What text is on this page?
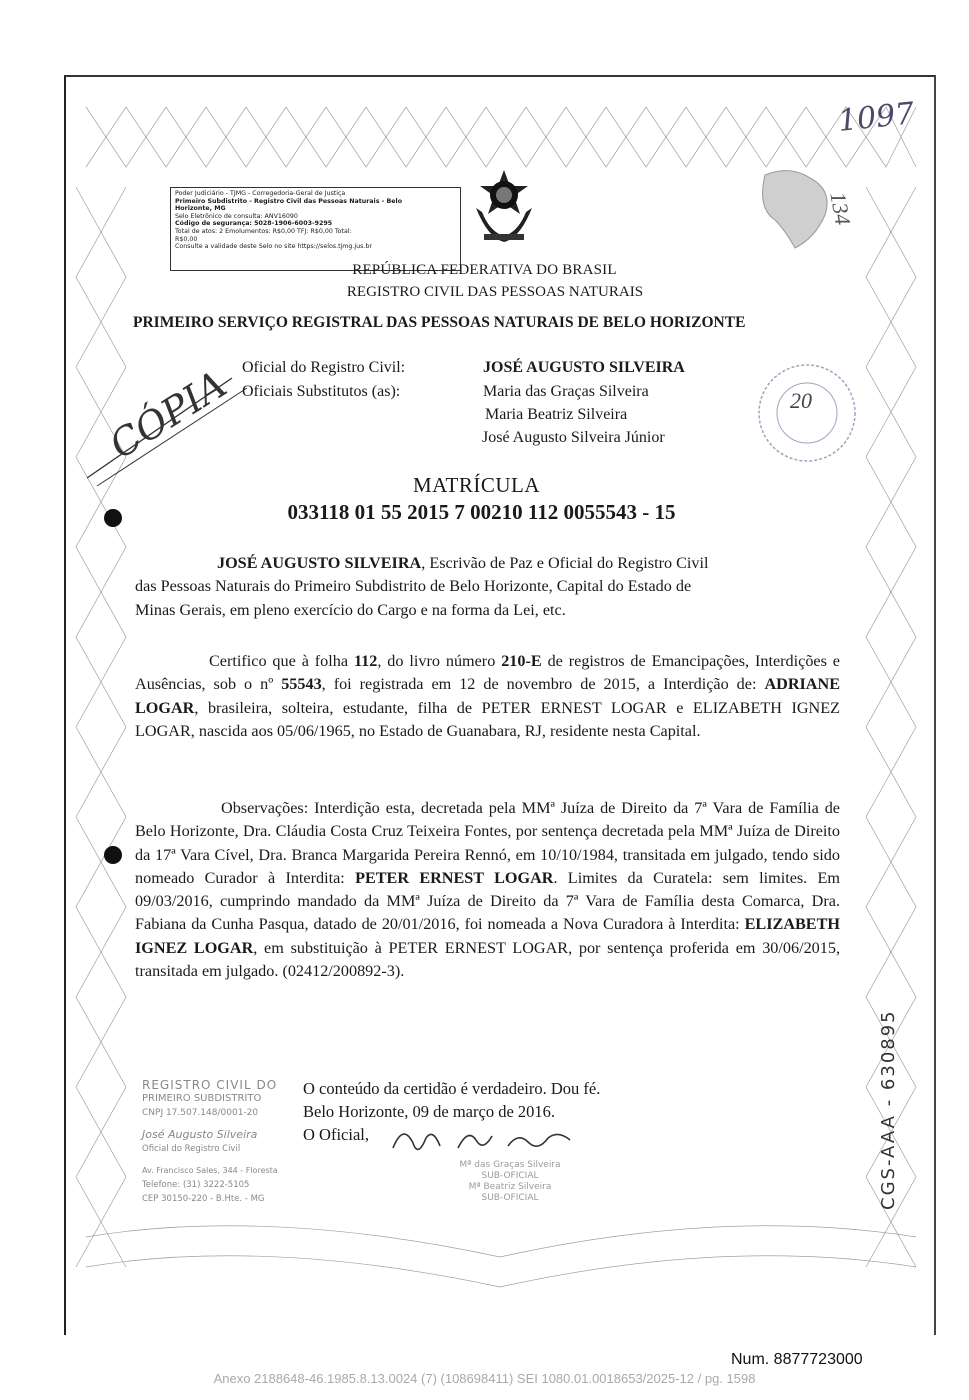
Poder Judiciário - TJMG - Corregedoria-Geral de Justiça
Primeiro Subdistrito - Registro Civil das Pessoas Naturais - Belo
Horizonte, MG
Selo Eletrônico de consulta: ANV16090
Código de segurança: 5028-1906-6003-9295
Total de atos: 2 Emolumentos: R$0,00 TFJ: R$0,00 Total:
R$0,00
Consulte a validade deste Selo no site https://selos.tjmg.jus.br
REPÚBLICA FEDERATIVA DO BRASIL
REGISTRO CIVIL DAS PESSOAS NATURAIS
PRIMEIRO SERVIÇO REGISTRAL DAS PESSOAS NATURAIS DE BELO HORIZONTE
Oficial do Registro Civil:	JOSÉ AUGUSTO SILVEIRA
Oficiais Substitutos (as):	Maria das Graças Silveira
Maria Beatriz Silveira
José Augusto Silveira Júnior
20
CÓPIA
1097
134
MATRÍCULA
033118 01 55 2015 7 00210 112 0055543 - 15

JOSÉ AUGUSTO SILVEIRA, Escrivão de Paz e Oficial do Registro Civil

das Pessoas Naturais do Primeiro Subdistrito de Belo Horizonte, Capital do Estado de

Minas Gerais, em pleno exercício do Cargo e na forma da Lei, etc.

Certifico que à folha 112, do livro número 210-E de registros de Emancipações, Interdições e Ausências, sob o nº 55543, foi registrada em 12 de novembro de 2015, a Interdição de: ADRIANE LOGAR, brasileira, solteira, estudante, filha de PETER ERNEST LOGAR e ELIZABETH IGNEZ LOGAR, nascida aos 05/06/1965, no Estado de Guanabara, RJ, residente nesta Capital.

Observações: Interdição esta, decretada pela MMª Juíza de Direito da 7ª Vara de Família de Belo Horizonte, Dra. Cláudia Costa Cruz Teixeira Fontes, por sentença decretada pela MMª Juíza de Direito da 17ª Vara Cível, Dra. Branca Margarida Pereira Rennó, em 10/10/1984, transitada em julgado, tendo sido nomeado Curador à Interdita: PETER ERNEST LOGAR. Limites da Curatela: sem limites. Em 09/03/2016, cumprindo mandado da MMª Juíza de Direito da 7ª Vara de Família desta Comarca, Dra. Fabiana da Cunha Pasqua, datado de 20/01/2016, foi nomeada a Nova Curadora à Interdita: ELIZABETH IGNEZ LOGAR, em substituição à PETER ERNEST LOGAR, por sentença proferida em 30/06/2015, transitada em julgado. (02412/200892-3).

REGISTRO CIVIL DO
PRIMEIRO SUBDISTRITO
CNPJ 17.507.148/0001-20
José Augusto Silveira
Oficial do Registro Civil
Av. Francisco Sales, 344 - Floresta
Telefone: (31) 3222-5105
CEP 30150-220 - B.Hte. - MG
O conteúdo da certidão é verdadeiro. Dou fé.
Belo Horizonte, 09 de março de 2016.
O Oficial,
Mª das Graças Silveira
SUB-OFICIAL
Mª Beatriz Silveira
SUB-OFICIAL	CGS-AAA - 630895
Num. 8877723000
Anexo 2188648-46.1985.8.13.0024 (7) (108698411) SEI 1080.01.0018653/2025-12 / pg. 1598
